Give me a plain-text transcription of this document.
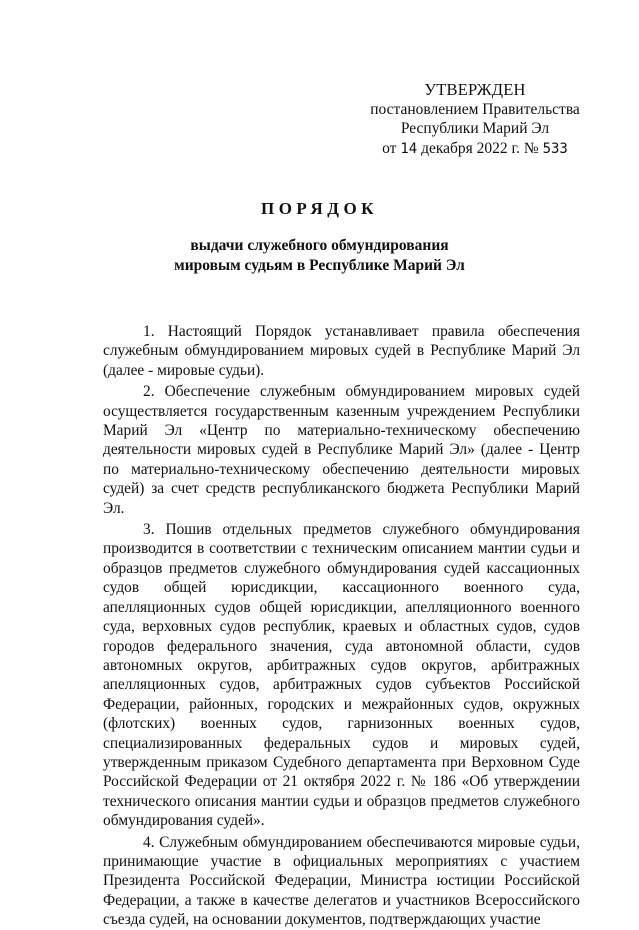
УТВЕРЖДЕН
постановлением Правительства
Республики Марий Эл
от 14 декабря 2022 г. № 533
ПОРЯДОК
выдачи служебного обмундирования
мировым судьям в Республике Марий Эл

1. Настоящий Порядок устанавливает правила обеспечения служебным обмундированием мировых судей в Республике Марий Эл (далее - мировые судьи).

2. Обеспечение служебным обмундированием мировых судей осуществляется государственным казенным учреждением Республики Марий Эл «Центр по материально-техническому обеспечению деятельности мировых судей в Республике Марий Эл» (далее - Центр по материально-техническому обеспечению деятельности мировых судей) за счет средств республиканского бюджета Республики Марий Эл.

3. Пошив отдельных предметов служебного обмундирования производится в соответствии с техническим описанием мантии судьи и образцов предметов служебного обмундирования судей кассационных судов общей юрисдикции, кассационного военного суда, апелляционных судов общей юрисдикции, апелляционного военного суда, верховных судов республик, краевых и областных судов, судов городов федерального значения, суда автономной области, судов автономных округов, арбитражных судов округов, арбитражных апелляционных судов, арбитражных судов субъектов Российской Федерации, районных, городских и межрайонных судов, окружных (флотских) военных судов, гарнизонных военных судов, специализированных федеральных судов и мировых судей, утвержденным приказом Судебного департамента при Верховном Суде Российской Федерации от 21 октября 2022 г. № 186 «Об утверждении технического описания мантии судьи и образцов предметов служебного обмундирования судей».

4. Служебным обмундированием обеспечиваются мировые судьи, принимающие участие в официальных мероприятиях с участием Президента Российской Федерации, Министра юстиции Российской Федерации, а также в качестве делегатов и участников Всероссийского съезда судей, на основании документов, подтверждающих участие
